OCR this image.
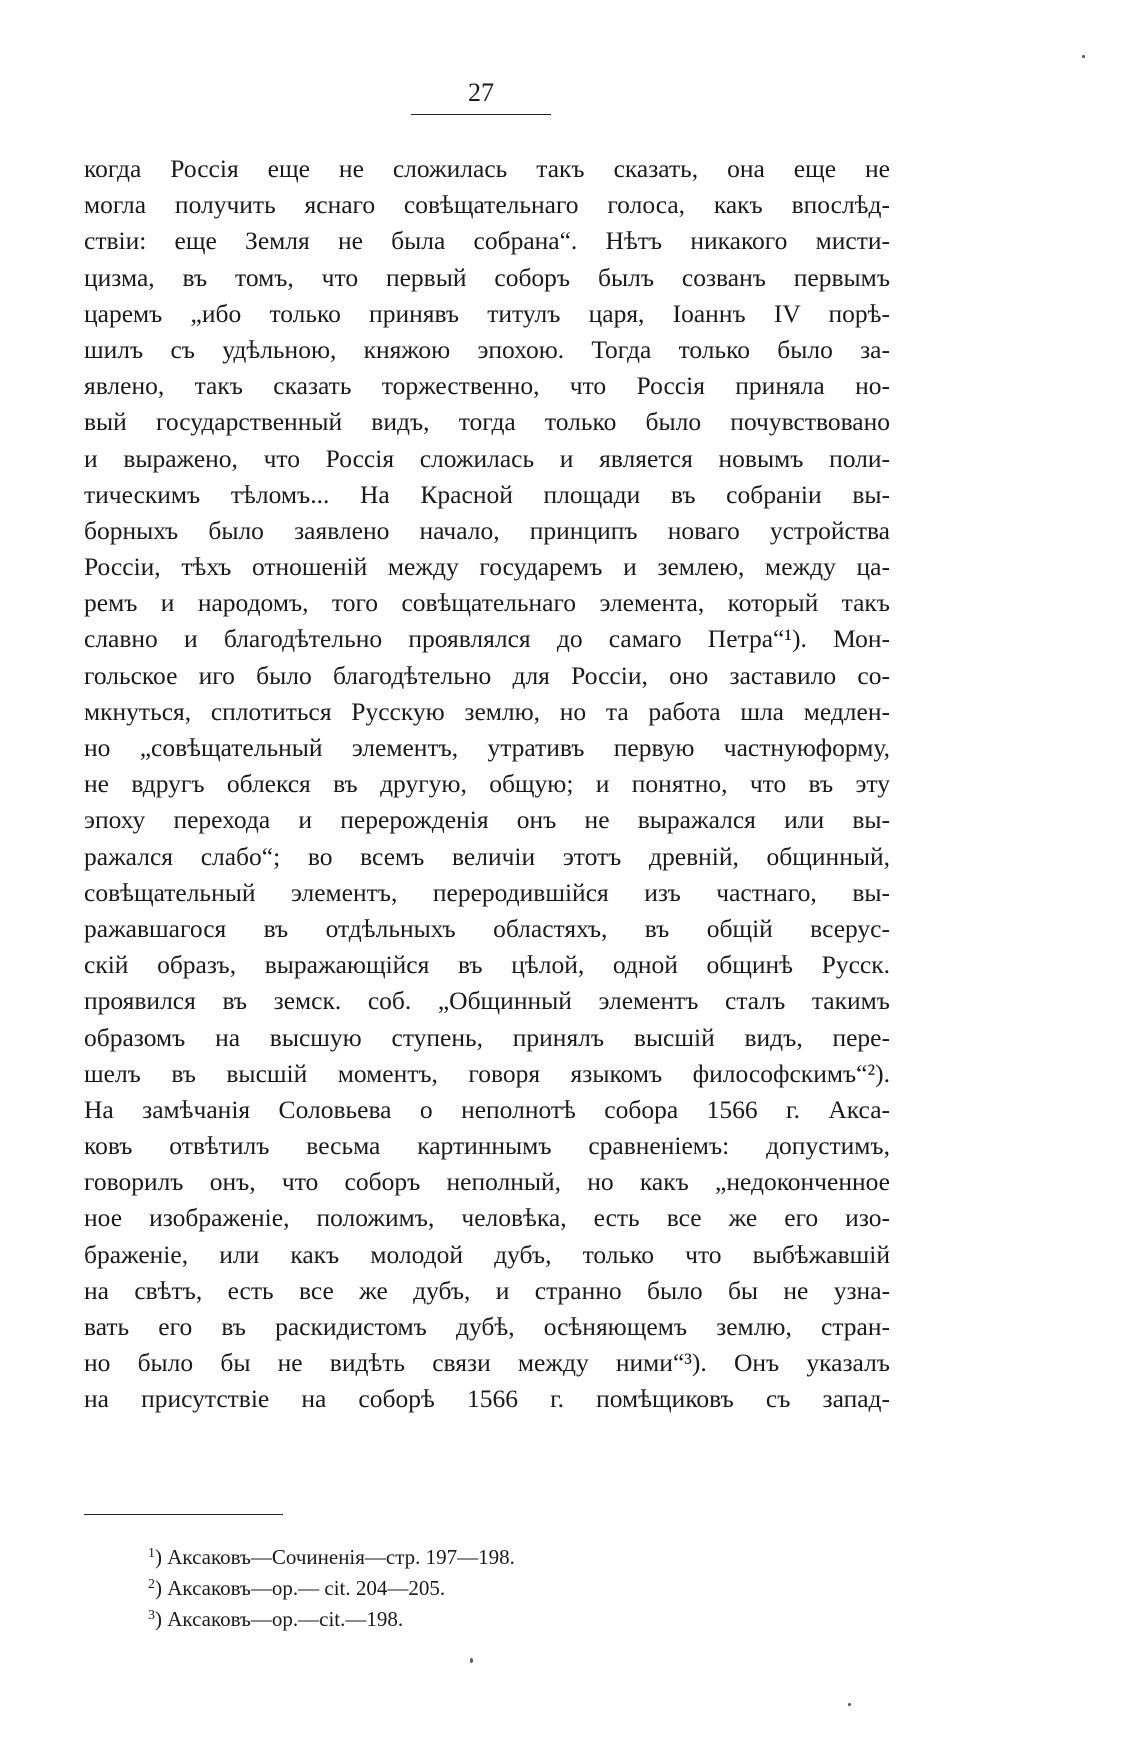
27
когда Россія еще не сложилась такъ сказать, она еще не
могла получить яснаго совѣщательнаго голоса, какъ впослѣд-
ствіи: еще Земля не была собрана“. Нѣтъ никакого мисти-
цизма, въ томъ, что первый соборъ былъ созванъ первымъ
царемъ „ибо только принявъ титулъ царя, Іоаннъ IV порѣ-
шилъ съ удѣльною, княжою эпохою. Тогда только было за-
явлено, такъ сказать торжественно, что Россія приняла но-
вый государственный видъ, тогда только было почувствовано
и выражено, что Россія сложилась и является новымъ поли-
тическимъ тѣломъ... На Красной площади въ собраніи вы-
борныхъ было заявлено начало, принципъ новаго устройства
Россіи, тѣхъ отношеній между государемъ и землею, между ца-
ремъ и народомъ, того совѣщательнаго элемента, который такъ
славно и благодѣтельно проявлялся до самаго Петра“¹). Мон-
гольское иго было благодѣтельно для Россіи, оно заставило со-
мкнуться, сплотиться Русскую землю, но та работа шла медлен-
но „совѣщательный элементъ, утративъ первую частнуюформу,
не вдругъ облекся въ другую, общую; и понятно, что въ эту
эпоху перехода и перерожденія онъ не выражался или вы-
ражался слабо“; во всемъ величіи этотъ древній, общинный,
совѣщательный элементъ, переродившійся изъ частнаго, вы-
ражавшагося въ отдѣльныхъ областяхъ, въ общій всерус-
скій образъ, выражающійся въ цѣлой, одной общинѣ Русск.
проявился въ земск. соб. „Общинный элементъ сталъ такимъ
образомъ на высшую ступень, принялъ высшій видъ, пере-
шелъ въ высшій моментъ, говоря языкомъ философскимъ“²).
На замѣчанія Соловьева о неполнотѣ собора 1566 г. Акса-
ковъ отвѣтилъ весьма картиннымъ сравненіемъ: допустимъ,
говорилъ онъ, что соборъ неполный, но какъ „недоконченное
ное изображеніе, положимъ, человѣка, есть все же его изо-
браженіе, или какъ молодой дубъ, только что выбѣжавшій
на свѣтъ, есть все же дубъ, и странно было бы не узна-
вать его въ раскидистомъ дубѣ, осѣняющемъ землю, стран-
но было бы не видѣть связи между ними“³). Онъ указалъ
на присутствіе на соборѣ 1566 г. помѣщиковъ съ запад-
$^1$) Аксаковъ—Сочиненія—стр. 197—198.
$^2$) Аксаковъ—ор.— cit. 204—205.
$^3$) Аксаковъ—ор.—cit.—198.
